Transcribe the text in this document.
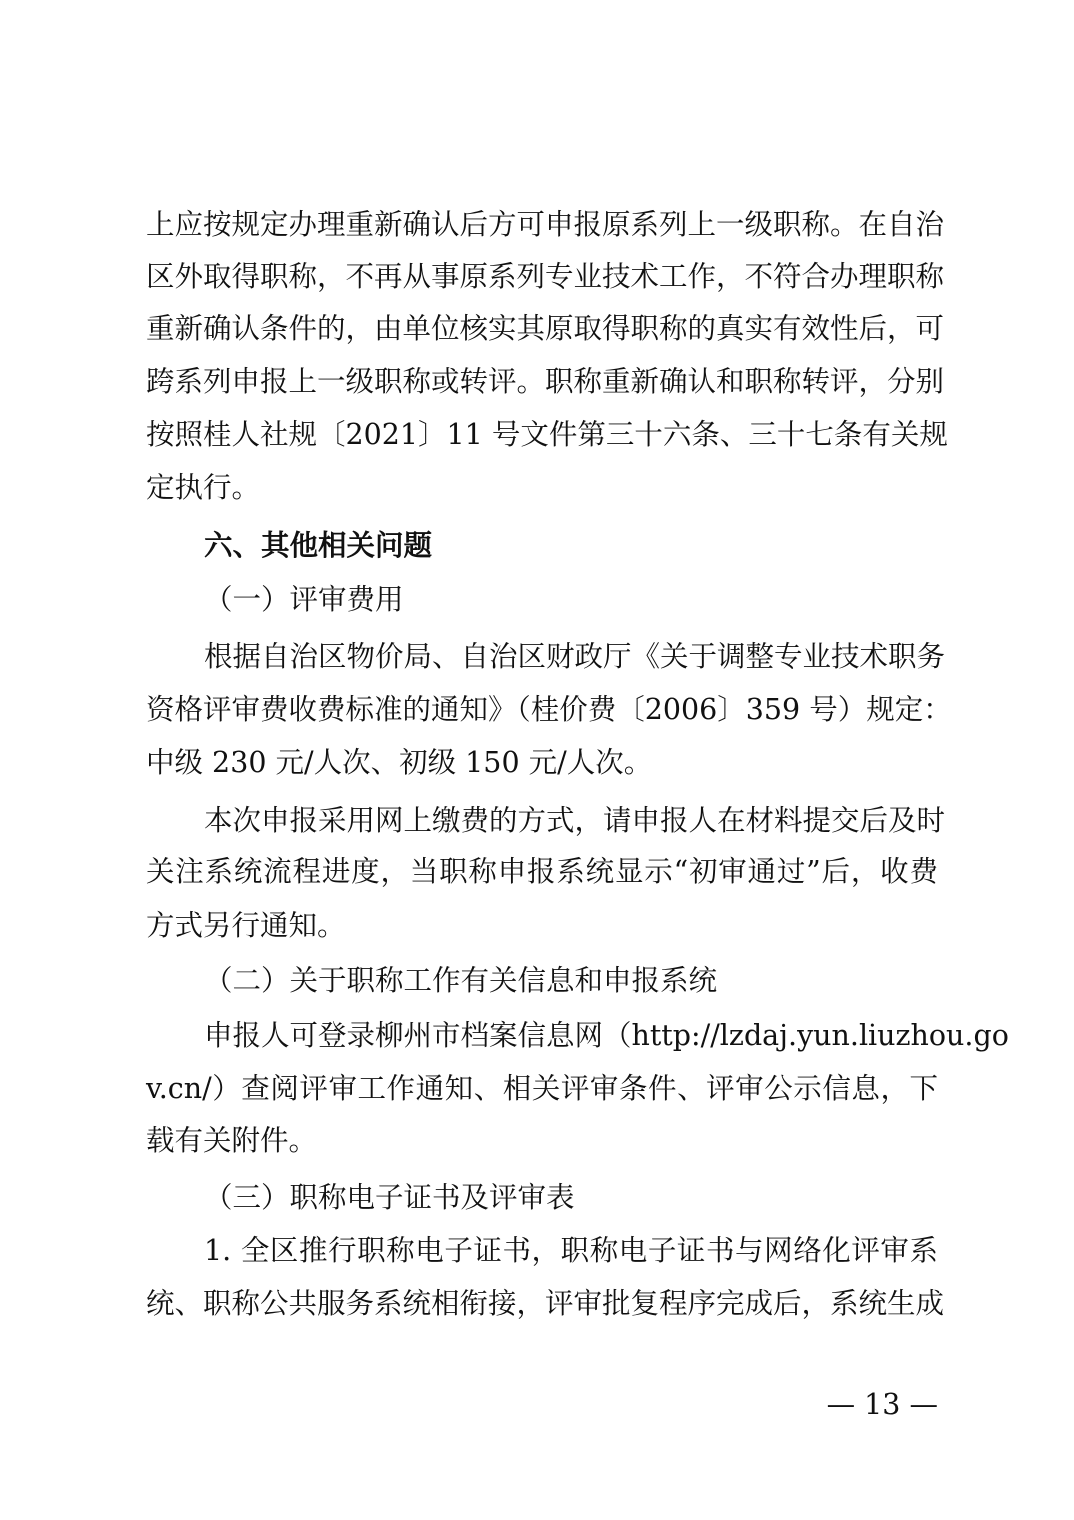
上应按规定办理重新确认后方可申报原系列上一级职称。在自治
区外取得职称，不再从事原系列专业技术工作，不符合办理职称
重新确认条件的，由单位核实其原取得职称的真实有效性后，可
跨系列申报上一级职称或转评。职称重新确认和职称转评，分别
按照桂人社规〔2021〕11 号文件第三十六条、三十七条有关规
定执行。
六、其他相关问题
（一）评审费用
根据自治区物价局、自治区财政厅《关于调整专业技术职务
资格评审费收费标准的通知》（桂价费〔2006〕359 号）规定：
中级 230 元/人次、初级 150 元/人次。
本次申报采用网上缴费的方式，请申报人在材料提交后及时
关注系统流程进度，当职称申报系统显示“初审通过”后，收费
方式另行通知。
（二）关于职称工作有关信息和申报系统
申报人可登录柳州市档案信息网（http://lzdaj.yun.liuzhou.go
v.cn/）查阅评审工作通知、相关评审条件、评审公示信息，下
载有关附件。
（三）职称电子证书及评审表
1. 全区推行职称电子证书，职称电子证书与网络化评审系
统、职称公共服务系统相衔接，评审批复程序完成后，系统生成
— 13 —
